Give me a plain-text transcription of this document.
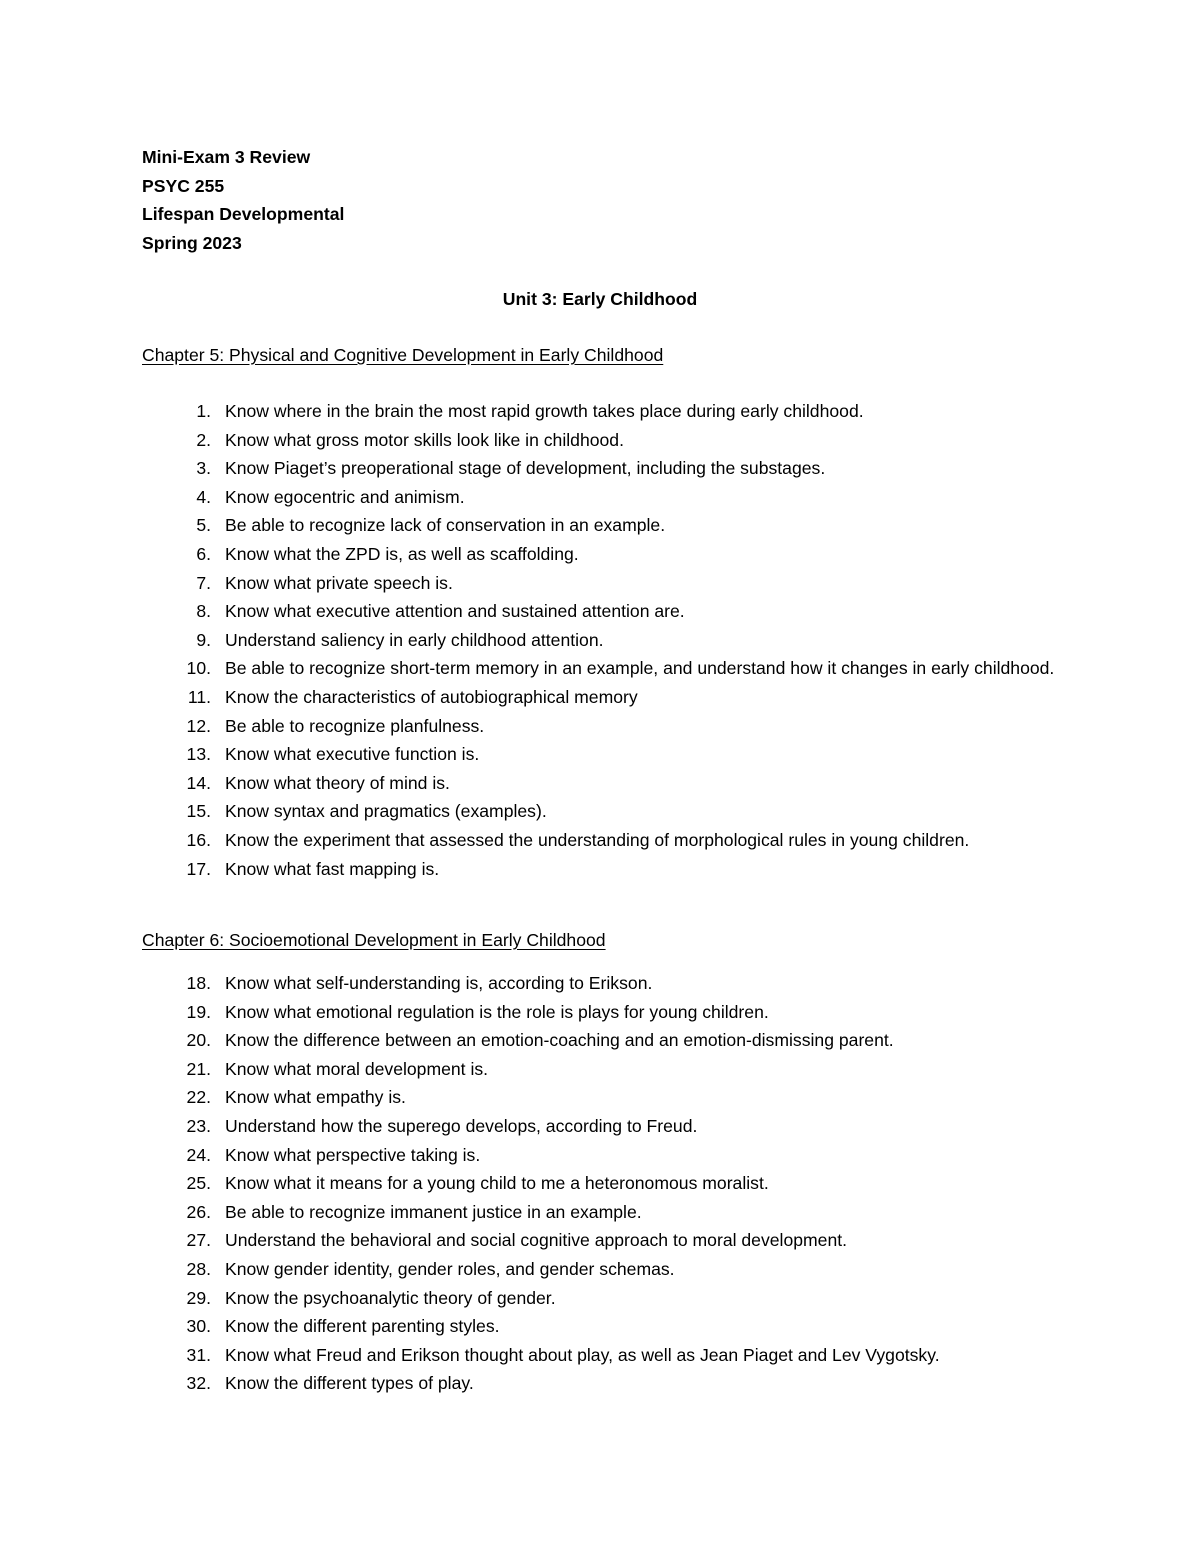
Mini-Exam 3 Review
PSYC 255
Lifespan Developmental
Spring 2023
Unit 3: Early Childhood
Chapter 5: Physical and Cognitive Development in Early Childhood
1. Know where in the brain the most rapid growth takes place during early childhood.
2. Know what gross motor skills look like in childhood.
3. Know Piaget’s preoperational stage of development, including the substages.
4. Know egocentric and animism.
5. Be able to recognize lack of conservation in an example.
6. Know what the ZPD is, as well as scaffolding.
7. Know what private speech is.
8. Know what executive attention and sustained attention are.
9. Understand saliency in early childhood attention.
10. Be able to recognize short-term memory in an example, and understand how it changes in early childhood.
11. Know the characteristics of autobiographical memory
12. Be able to recognize planfulness.
13. Know what executive function is.
14. Know what theory of mind is.
15. Know syntax and pragmatics (examples).
16. Know the experiment that assessed the understanding of morphological rules in young children.
17. Know what fast mapping is.
Chapter 6: Socioemotional Development in Early Childhood
18. Know what self-understanding is, according to Erikson.
19. Know what emotional regulation is the role is plays for young children.
20. Know the difference between an emotion-coaching and an emotion-dismissing parent.
21. Know what moral development is.
22. Know what empathy is.
23. Understand how the superego develops, according to Freud.
24. Know what perspective taking is.
25. Know what it means for a young child to me a heteronomous moralist.
26. Be able to recognize immanent justice in an example.
27. Understand the behavioral and social cognitive approach to moral development.
28. Know gender identity, gender roles, and gender schemas.
29. Know the psychoanalytic theory of gender.
30. Know the different parenting styles.
31. Know what Freud and Erikson thought about play, as well as Jean Piaget and Lev Vygotsky.
32. Know the different types of play.
